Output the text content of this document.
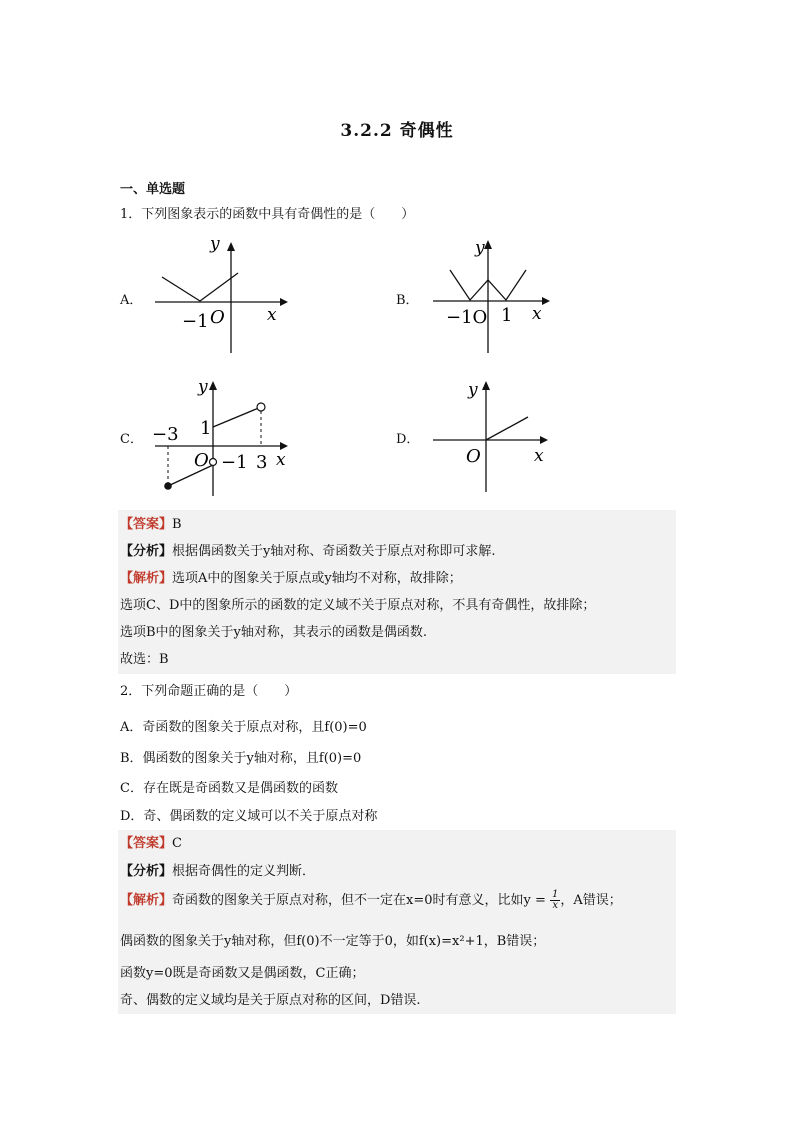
3.2.2 奇偶性
一、单选题
1．下列图象表示的函数中具有奇偶性的是（　　）
A．	B．
C．	D．
y
x
−1 O
y
x
−1O 1
y
x
−3 1
O −1 3
y
x
O
【答案】B
【分析】根据偶函数关于y轴对称、奇函数关于原点对称即可求解.
【解析】选项A中的图象关于原点或y轴均不对称，故排除；
选项C、D中的图象所示的函数的定义域不关于原点对称，不具有奇偶性，故排除；
选项B中的图象关于y轴对称，其表示的函数是偶函数.
故选：B
2．下列命题正确的是（　　）
A．奇函数的图象关于原点对称，且f(0)=0
B．偶函数的图象关于y轴对称，且f(0)=0
C．存在既是奇函数又是偶函数的函数
D．奇、偶函数的定义域可以不关于原点对称
【答案】C
【分析】根据奇偶性的定义判断．
【解析】奇函数的图象关于原点对称，但不一定在x=0时有意义，比如$y = \frac{1}{x}$ ，A错误；
偶函数的图象关于y轴对称，但f(0)不一定等于0，如f(x)=x²+1，B错误；
函数y=0既是奇函数又是偶函数，C正确；
奇、偶数的定义域均是关于原点对称的区间，D错误.
